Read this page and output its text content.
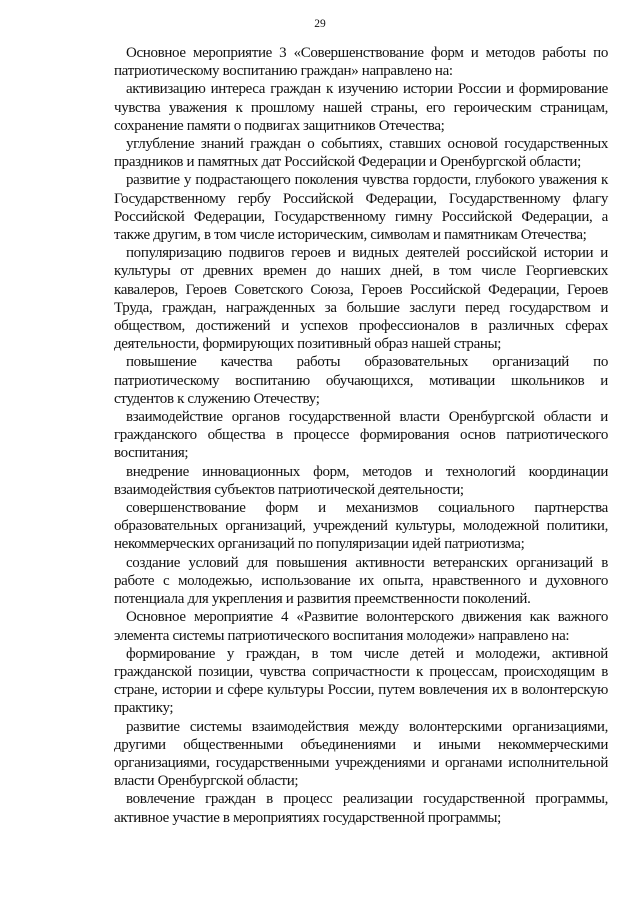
29

Основное мероприятие 3 «Совершенствование форм и методов работы по патриотическому воспитанию граждан» направлено на:

активизацию интереса граждан к изучению истории России и формирование чувства уважения к прошлому нашей страны, его героическим страницам, сохранение памяти о подвигах защитников Отечества;

углубление знаний граждан о событиях, ставших основой государственных праздников и памятных дат Российской Федерации и Оренбургской области;

развитие у подрастающего поколения чувства гордости, глубокого уважения к Государственному гербу Российской Федерации, Государственному флагу Российской Федерации, Государственному гимну Российской Федерации, а также другим, в том числе историческим, символам и памятникам Отечества;

популяризацию подвигов героев и видных деятелей российской истории и культуры от древних времен до наших дней, в том числе Георгиевских кавалеров, Героев Советского Союза, Героев Российской Федерации, Героев Труда, граждан, награжденных за большие заслуги перед государством и обществом, достижений и успехов профессионалов в различных сферах деятельности, формирующих позитивный образ нашей страны;

повышение качества работы образовательных организаций по патриотическому воспитанию обучающихся, мотивации школьников и студентов к служению Отечеству;

взаимодействие органов государственной власти Оренбургской области и гражданского общества в процессе формирования основ патриотического воспитания;

внедрение инновационных форм, методов и технологий координации взаимодействия субъектов патриотической деятельности;

совершенствование форм и механизмов социального партнерства образовательных организаций, учреждений культуры, молодежной политики, некоммерческих организаций по популяризации идей патриотизма;

создание условий для повышения активности ветеранских организаций в работе с молодежью, использование их опыта, нравственного и духовного потенциала для укрепления и развития преемственности поколений.

Основное мероприятие 4 «Развитие волонтерского движения как важного элемента системы патриотического воспитания молодежи» направлено на:

формирование у граждан, в том числе детей и молодежи, активной гражданской позиции, чувства сопричастности к процессам, происходящим в стране, истории и сфере культуры России, путем вовлечения их в волонтерскую практику;

развитие системы взаимодействия между волонтерскими организациями, другими общественными объединениями и иными некоммерческими организациями, государственными учреждениями и органами исполнительной власти Оренбургской области;

вовлечение граждан в процесс реализации государственной программы, активное участие в мероприятиях государственной программы;
